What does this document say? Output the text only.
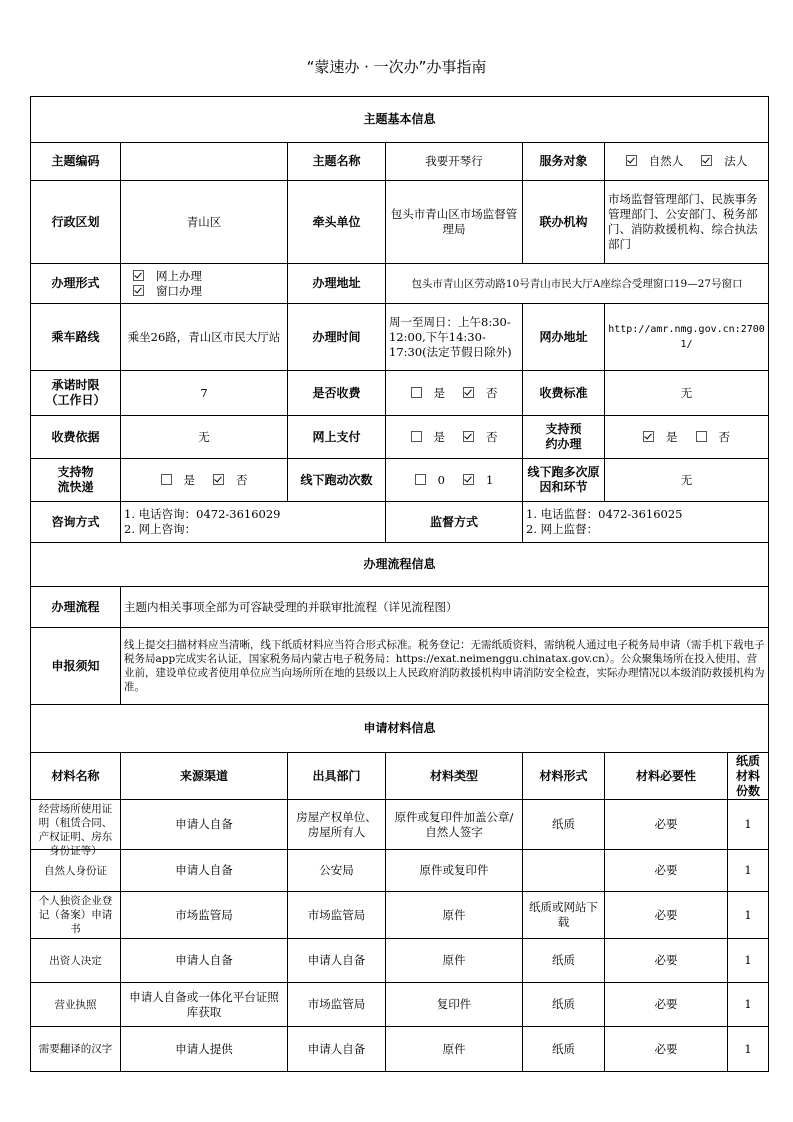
“蒙速办 · 一次办”办事指南
主题基本信息						
主题编码		主题名称	我要开琴行	服务对象	自然人 法人	
行政区划	青山区	牵头单位	包头市青山区市场监督管理局	联办机构	市场监督管理部门、民族事务管理部门、公安部门、税务部门、消防救援机构、综合执法部门	
办理形式	网上办理窗口办理	办理地址	包头市青山区劳动路10号青山市民大厅A座综合受理窗口19—27号窗口			
乘车路线	乘坐26路，青山区市民大厅站	办理时间	周一至周日：上午8:30-12:00,下午14:30-17:30(法定节假日除外)	网办地址	http://amr.nmg.gov.cn:27001/	
承诺时限
（工作日）	7	是否收费	是 否	收费标准	无	
收费依据	无	网上支付	是 否	支持预
约办理	是 否	
支持物
流快递	是 否	线下跑动次数	0 1	线下跑多次原
因和环节	无	
咨询方式	1. 电话咨询：0472-3616029
2. 网上咨询：		监督方式	1. 电话监督：0472-3616025
2. 网上监督：		

办理流程信息						
办理流程	主题内相关事项全部为可容缺受理的并联审批流程（详见流程图）					
申报须知	线上提交扫描材料应当清晰，线下纸质材料应当符合形式标准。税务登记：无需纸质资料，需纳税人通过电子税务局申请（需手机下载电子税务局app完成实名认证，国家税务局内蒙古电子税务局：https://exat.neimenggu.chinatax.gov.cn）。公众聚集场所在投入使用、营业前，建设单位或者使用单位应当向场所所在地的县级以上人民政府消防救援机构申请消防安全检查，实际办理情况以本级消防救援机构为准。					
申请材料信息						
材料名称	来源渠道	出具部门	材料类型	材料形式	材料必要性	纸质材料份数

经营场所使用证明（租赁合同、产权证明、房东身份证等）	申请人自备	房屋产权单位、房屋所有人	原件或复印件加盖公章/自然人签字	纸质	必要	1
自然人身份证	申请人自备	公安局	原件或复印件		必要	1

个人独资企业登记（备案）申请书	市场监管局	市场监管局	原件	纸质或网站下载	必要	1
出资人决定	申请人自备	申请人自备	原件	纸质	必要	1
营业执照	申请人自备或一体化平台证照库获取	市场监管局	复印件	纸质	必要	1
需要翻译的汉字	申请人提供	申请人自备	原件	纸质	必要	1
